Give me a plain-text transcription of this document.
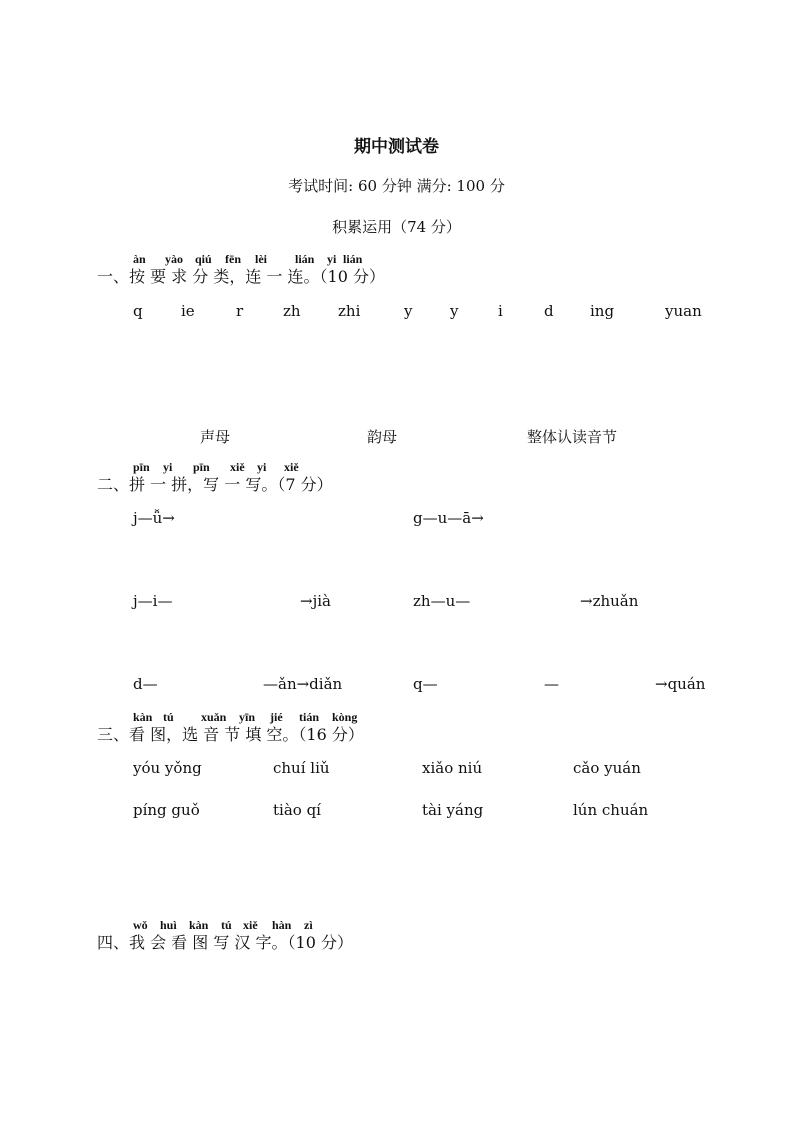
期中测试卷
考试时间: 60 分钟 满分: 100 分
积累运用（74 分）
àn yào qiú fēn lèi lián yi lián
一、按 要 求 分 类，连 一 连。（10 分）
q	ie	r	zh zhi	y	y	i	d ing	yuan
声母	韵母	整体认读音节
pīn yi pīn xiě yi xiě
二、拼 一 拼，写 一 写。（7 分）
j—ǚ→	g—u—ā→
j—i—	→jià	zh—u—	→zhuǎn
d—	—ǎn→diǎn	q—	—	→quán
kàn tú xuǎn yīn jié tián kòng
三、看 图，选 音 节 填 空。（16 分）
yóu yǒng	chuí liǔ	xiǎo niú	cǎo yuán
píng guǒ	tiào qí	tài yáng	lún chuán
wǒ huì kàn tú xiě hàn zì
四、我 会 看 图 写 汉 字。（10 分）
